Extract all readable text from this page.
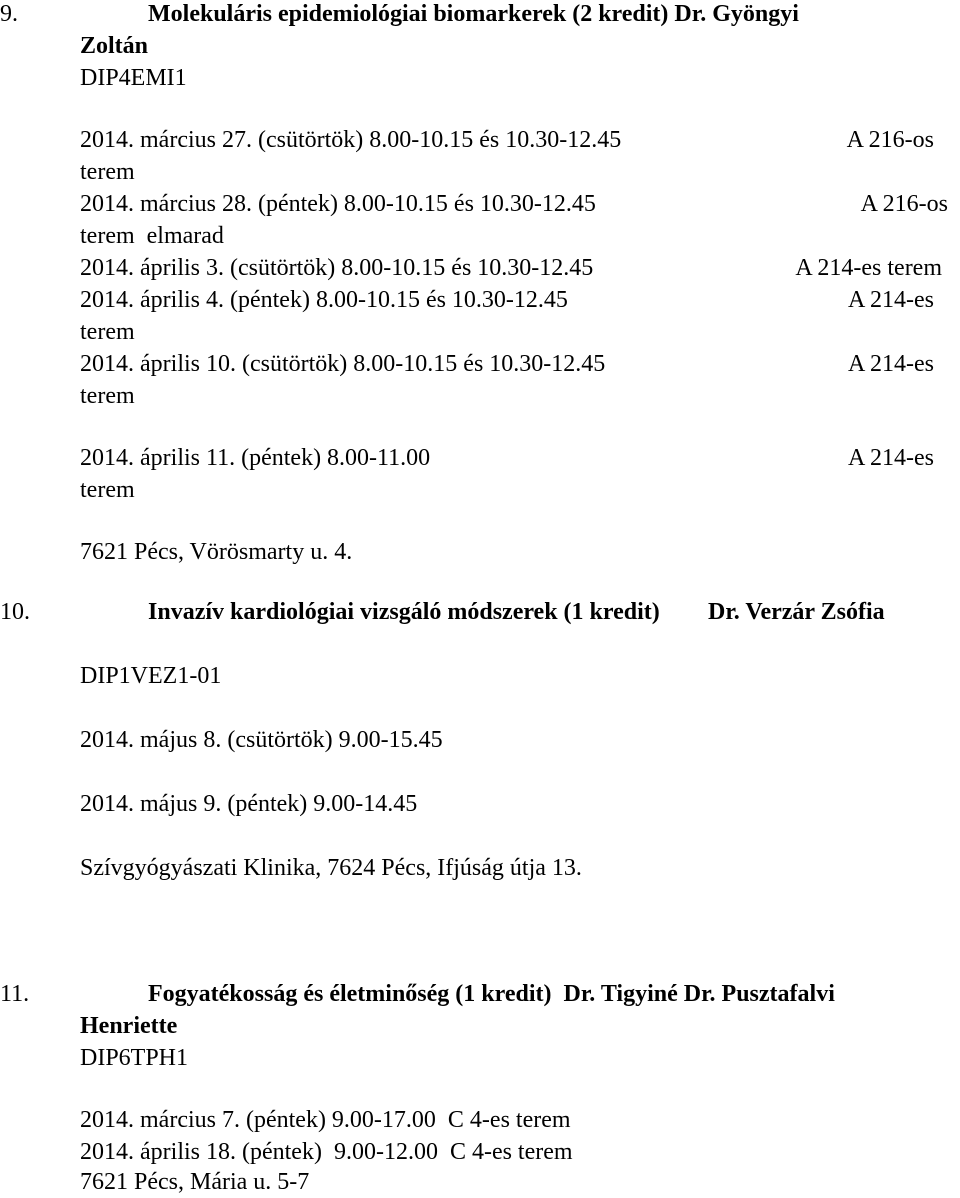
9.	Molekuláris epidemiológiai biomarkerek (2 kredit) Dr. Gyöngyi
Zoltán
DIP4EMI1
2014. március 27. (csütörtök) 8.00-10.15 és 10.30-12.45	A 216-os
terem
2014. március 28. (péntek) 8.00-10.15 és 10.30-12.45	A 216-os
terem  elmarad
2014. április 3. (csütörtök) 8.00-10.15 és 10.30-12.45	A 214-es terem
2014. április 4. (péntek) 8.00-10.15 és 10.30-12.45	A 214-es
terem
2014. április 10. (csütörtök) 8.00-10.15 és 10.30-12.45	A 214-es
terem
2014. április 11. (péntek) 8.00-11.00	A 214-es
terem
7621 Pécs, Vörösmarty u. 4.
10.	Invazív kardiológiai vizsgáló módszerek (1 kredit) Dr. Verzár Zsófia
DIP1VEZ1-01
2014. május 8. (csütörtök) 9.00-15.45
2014. május 9. (péntek) 9.00-14.45
Szívgyógyászati Klinika, 7624 Pécs, Ifjúság útja 13.
11.	Fogyatékosság és életminőség (1 kredit)  Dr. Tigyiné Dr. Pusztafalvi
Henriette
DIP6TPH1
2014. március 7. (péntek) 9.00-17.00  C 4-es terem
2014. április 18. (péntek)  9.00-12.00  C 4-es terem
7621 Pécs, Mária u. 5-7
